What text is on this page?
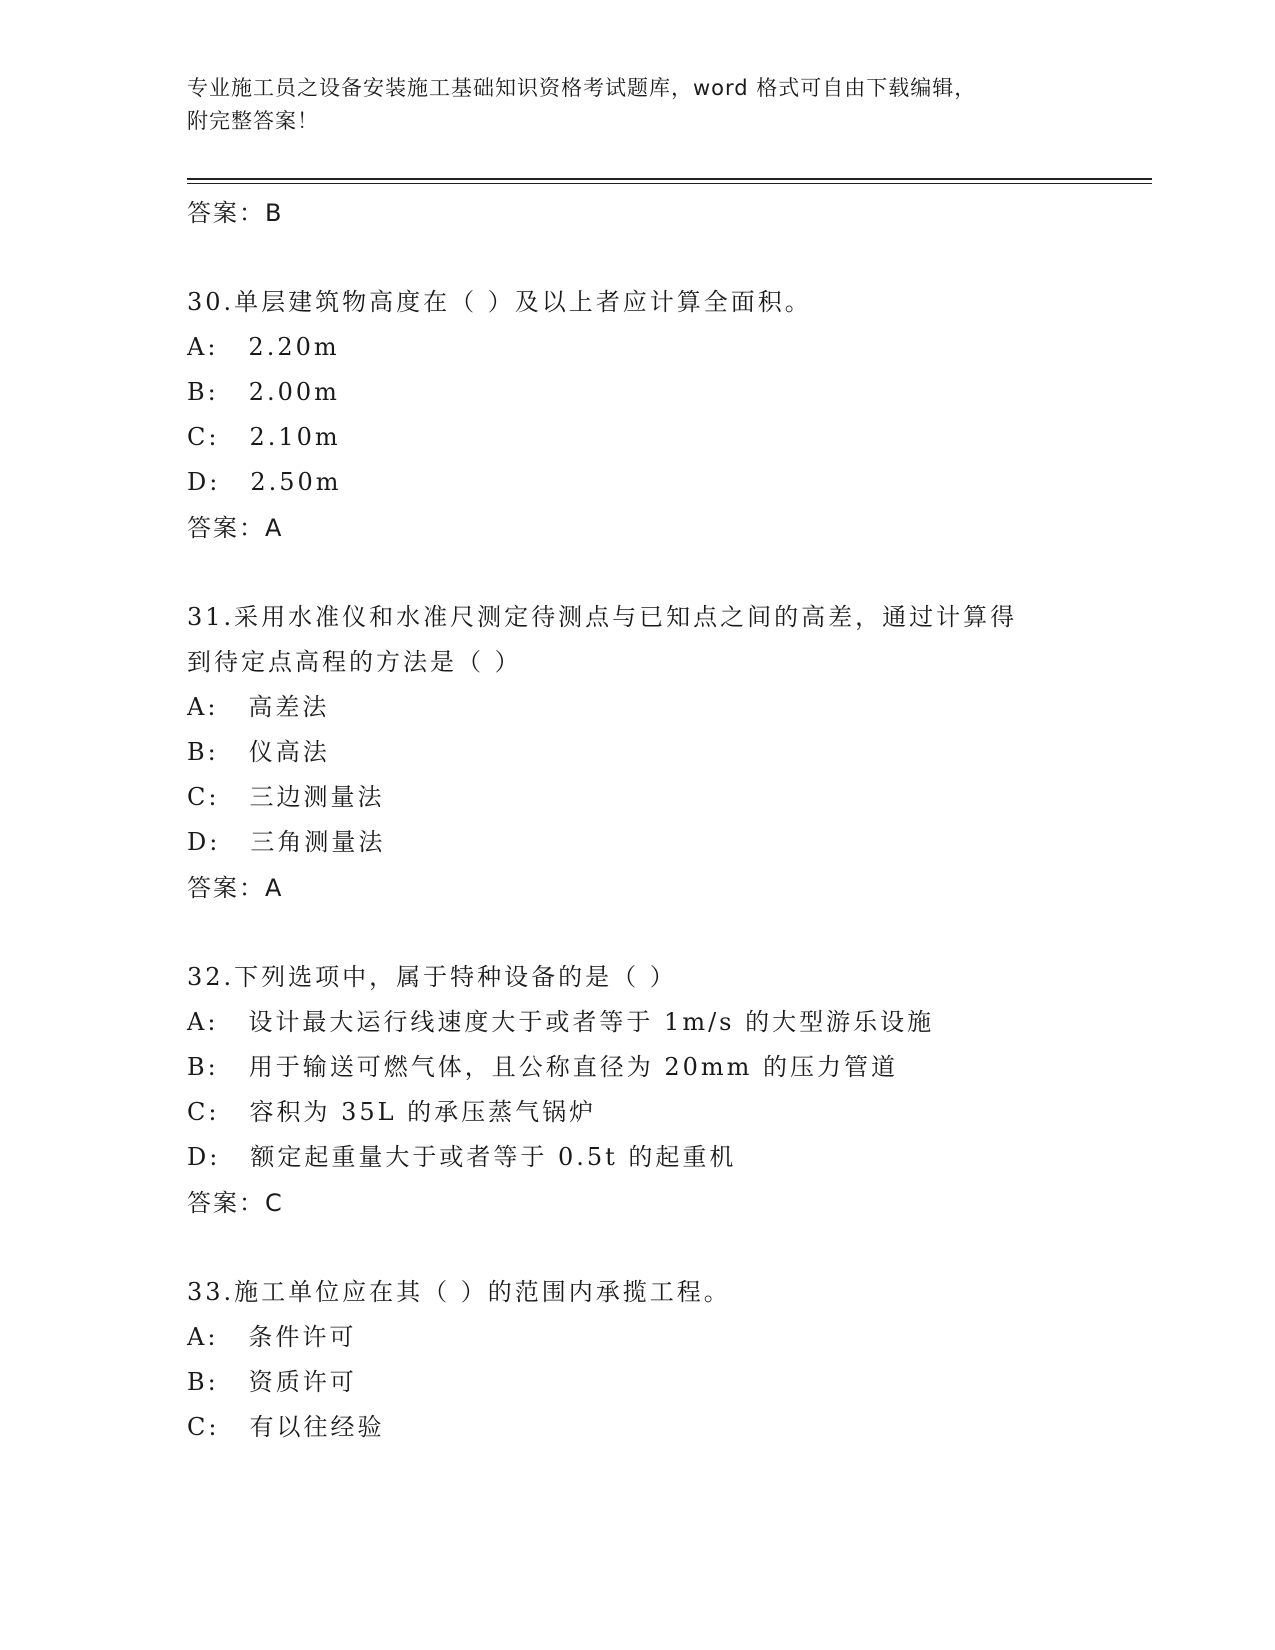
专业施工员之设备安装施工基础知识资格考试题库，word 格式可自由下载编辑，
附完整答案！
答案：B
30.单层建筑物高度在（ ）及以上者应计算全面积。
A: 2.20m
B: 2.00m
C: 2.10m
D: 2.50m
答案：A
31.采用水准仪和水准尺测定待测点与已知点之间的高差，通过计算得
到待定点高程的方法是（ ）
A: 高差法
B: 仪高法
C: 三边测量法
D: 三角测量法
答案：A
32.下列选项中，属于特种设备的是（ ）
A: 设计最大运行线速度大于或者等于 1m/s 的大型游乐设施
B: 用于输送可燃气体，且公称直径为 20mm 的压力管道
C: 容积为 35L 的承压蒸气锅炉
D: 额定起重量大于或者等于 0.5t 的起重机
答案：C
33.施工单位应在其（ ）的范围内承揽工程。
A: 条件许可
B: 资质许可
C: 有以往经验
